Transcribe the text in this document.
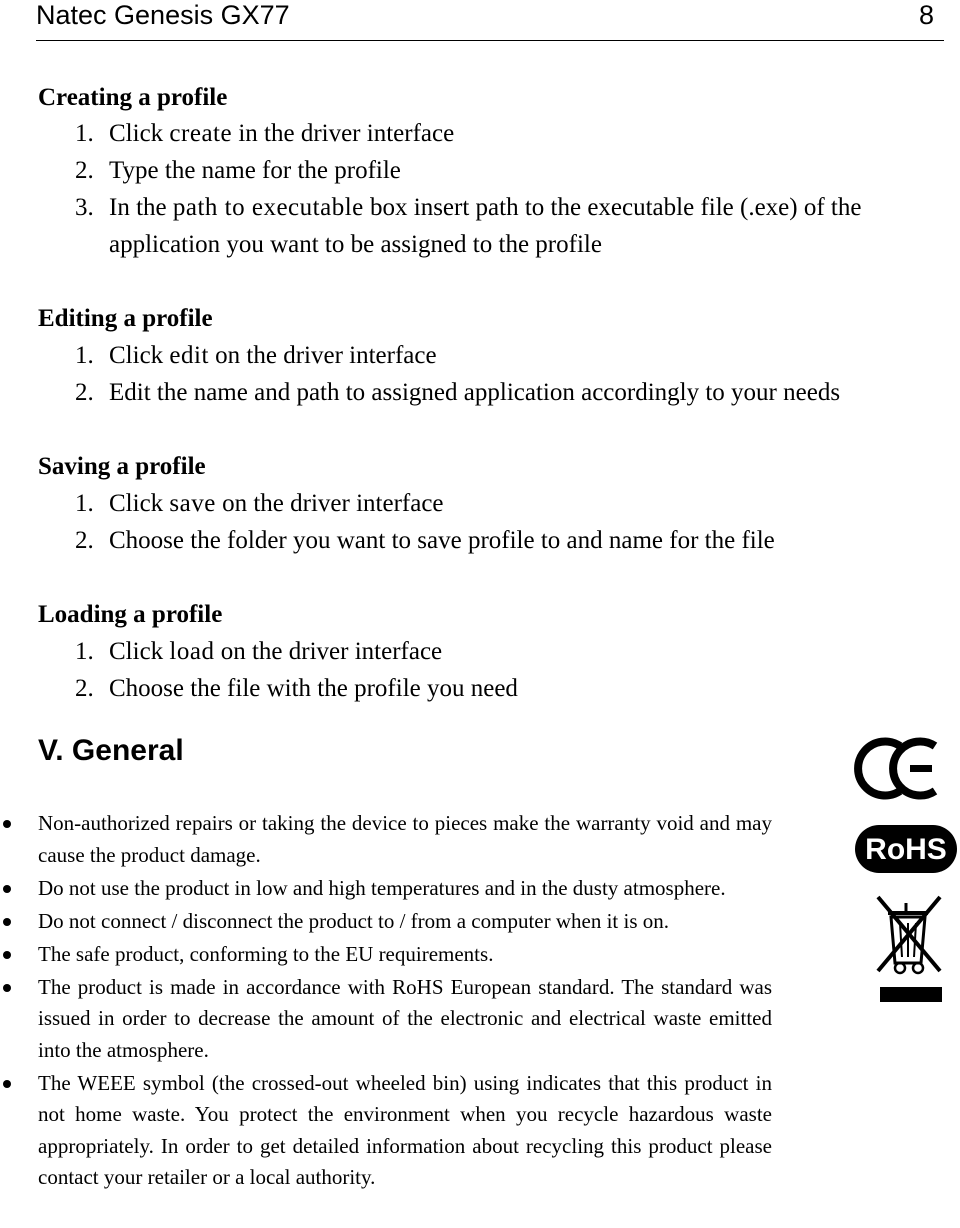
Natec Genesis GX77	8
Creating a profile
1. Click create in the driver interface
2. Type the name for the profile
3. In the path to executable box insert path to the executable file (.exe) of the
application you want to be assigned to the profile
Editing a profile
1. Click edit on the driver interface
2. Edit the name and path to assigned application accordingly to your needs
Saving a profile
1. Click save on the driver interface
2. Choose the folder you want to save profile to and name for the file
Loading a profile
1. Click load on the driver interface
2. Choose the file with the profile you need
V. General
Non-authorized repairs or taking the device to pieces make the warranty void and may cause the product damage.
Do not use the product in low and high temperatures and in the dusty atmosphere.
Do not connect / disconnect the product to / from a computer when it is on.
The safe product, conforming to the EU requirements.
The product is made in accordance with RoHS European standard. The standard was issued in order to decrease the amount of the electronic and electrical waste emitted into the atmosphere.
The WEEE symbol (the crossed-out wheeled bin) using indicates that this product in not home waste. You protect the environment when you recycle hazardous waste appropriately. In order to get detailed information about recycling this product please contact your retailer or a local authority.
RoHS
